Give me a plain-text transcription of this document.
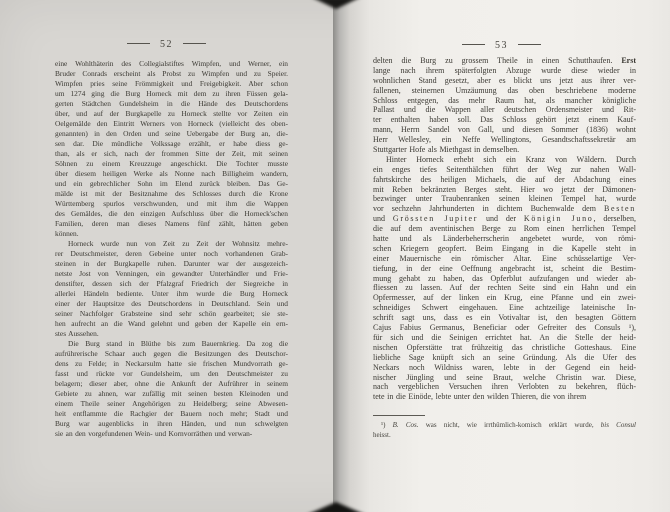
52
eine Wohlthäterin des Collegialstiftes Wimpfen, und Werner, ein
Bruder Conrads erscheint als Probst zu Wimpfen und zu Speier.
Wimpfen pries seine Frömmigkeit und Freigebigkeit. Aber schon
um 1274 ging die Burg Horneck mit dem zu ihren Füssen gela-
gerten Städtchen Gundelsheim in die Hände des Deutschordens
über, und auf der Burgkapelle zu Horneck stellte vor Zeiten ein
Oelgemälde den Eintritt Werners von Horneck (vielleicht des oben-
genannten) in den Orden und seine Uebergabe der Burg an, die-
sen dar. Die mündliche Volkssage erzählt, er habe diess ge-
than, als er sich, nach der frommen Sitte der Zeit, mit seinen
Söhnen zu einem Kreuzzuge angeschickt. Die Tochter musste
über diesem heiligen Werke als Nonne nach Billigheim wandern,
und ein gebrechlicher Sohn im Elend zurück bleiben. Das Ge-
mälde ist mit der Besitznahme des Schlosses durch die Krone
Württemberg spurlos verschwunden, und mit ihm die Wappen
des Gemäldes, die den einzigen Aufschluss über die Horneck'schen
Familien, deren man dieses Namens fünf zählt, hätten geben
können.
Horneck wurde nun von Zeit zu Zeit der Wohnsitz mehre-
rer Deutschmeister, deren Gebeine unter noch vorhandenen Grab-
steinen in der Burgkapelle ruhen. Darunter war der ausgezeich-
netste Jost von Venningen, ein gewandter Unterhändler und Frie-
denstifter, dessen sich der Pfalzgraf Friedrich der Siegreiche in
allerlei Händeln bediente. Unter ihm wurde die Burg Horneck
einer der Hauptsitze des Deutschordens in Deutschland. Sein und
seiner Nachfolger Grabsteine sind sehr schön gearbeitet; sie ste-
hen aufrecht an die Wand gelehnt und geben der Kapelle ein ern-
stes Aussehen.
Die Burg stand in Blüthe bis zum Bauernkrieg. Da zog die
aufrührerische Schaar auch gegen die Besitzungen des Deutschor-
dens zu Felde; in Neckarsulm hatte sie frischen Mundvorrath ge-
fasst und rückte vor Gundelsheim, um den Deutschmeister zu
belagern; dieser aber, ohne die Ankunft der Aufrührer in seinem
Gebiete zu ahnen, war zufällig mit seinen besten Kleinoden und
einem Theile seiner Angehörigen zu Heidelberg; seine Abwesen-
heit entflammte die Rachgier der Bauern noch mehr; Stadt und
Burg war augenblicks in ihren Händen, und nun schwelgten
sie an den vorgefundenen Wein- und Kornvorräthen und verwan-
53
delten die Burg zu grossem Theile in einen Schutthaufen. Erst
lange nach ihrem späterfolgten Abzuge wurde diese wieder in
wohnlichen Stand gesetzt, aber es blickt uns jetzt aus ihrer ver-
fallenen, steinernen Umzäumung das oben beschriebene moderne
Schloss entgegen, das mehr Raum hat, als mancher königliche
Pallast und die Wappen aller deutschen Ordensmeister und Rit-
ter enthalten haben soll. Das Schloss gehört jetzt einem Kauf-
mann, Herrn Sandel von Gall, und diesen Sommer (1836) wohnt
Herr Wellesley, ein Neffe Wellingtons, Gesandtschaftssekretär am
Stuttgarter Hofe als Miethgast in demselben.
Hinter Horneck erhebt sich ein Kranz von Wäldern. Durch
ein enges tiefes Seitenthälchen führt der Weg zur nahen Wall-
fahrtskirche des heiligen Michaels, die auf der Abdachung eines
mit Reben bekränzten Berges steht. Hier wo jetzt der Dämonen-
bezwinger unter Traubenranken seinen kleinen Tempel hat, wurde
vor sechzehn Jahrhunderten in dichtem Buchenwalde dem Besten
und Grössten Jupiter und der Königin Juno, derselben,
die auf dem aventinischen Berge zu Rom einen herrlichen Tempel
hatte und als Länderbeherrscherin angebetet wurde, von römi-
schen Kriegern geopfert. Beim Eingang in die Kapelle steht in
einer Mauernische ein römischer Altar. Eine schüsselartige Ver-
tiefung, in der eine Oeffnung angebracht ist, scheint die Bestim-
mung gehabt zu haben, das Opferblut aufzufangen und wieder ab-
fliessen zu lassen. Auf der rechten Seite sind ein Hahn und ein
Opfermesser, auf der linken ein Krug, eine Pfanne und ein zwei-
schneidiges Schwert eingehauen. Eine achtzeilige lateinische In-
schrift sagt uns, dass es ein Votivaltar ist, den besagten Göttern
Cajus Fabius Germanus, Beneficiar oder Gefreiter des Consuls ¹),
für sich und die Seinigen errichtet hat. An die Stelle der heid-
nischen Opferstätte trat frühzeitig das christliche Gotteshaus. Eine
liebliche Sage knüpft sich an seine Gründung. Als die Ufer des
Neckars noch Wildniss waren, lebte in der Gegend ein heid-
nischer Jüngling und seine Braut, welche Christin war. Diese,
nach vergeblichen Versuchen ihren Verlobten zu bekehren, flüch-
tete in die Einöde, lebte unter den wilden Thieren, die von ihrem
¹) B. Cos. was nicht, wie irrthümlich-komisch erklärt wurde, bis Consul
heisst.
